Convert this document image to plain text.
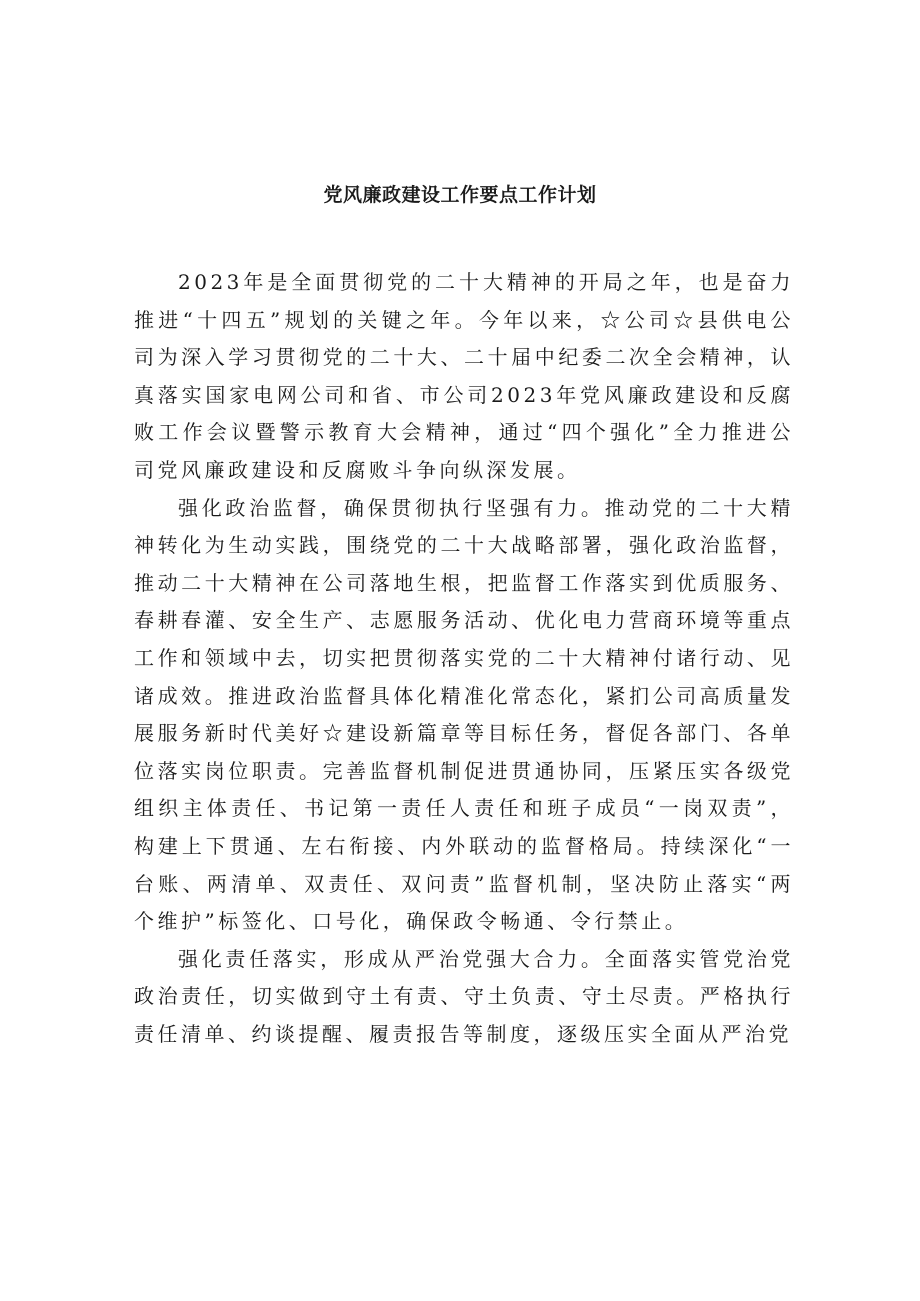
党风廉政建设工作要点工作计划

2023年是全面贯彻党的二十大精神的开局之年，也是奋力推进“十四五”规划的关键之年。今年以来，☆公司☆县供电公司为深入学习贯彻党的二十大、二十届中纪委二次全会精神，认真落实国家电网公司和省、市公司2023年党风廉政建设和反腐败工作会议暨警示教育大会精神，通过“四个强化”全力推进公司党风廉政建设和反腐败斗争向纵深发展。

强化政治监督，确保贯彻执行坚强有力。推动党的二十大精神转化为生动实践，围绕党的二十大战略部署，强化政治监督，推动二十大精神在公司落地生根，把监督工作落实到优质服务、春耕春灌、安全生产、志愿服务活动、优化电力营商环境等重点工作和领域中去，切实把贯彻落实党的二十大精神付诸行动、见诸成效。推进政治监督具体化精准化常态化，紧扪公司高质量发展服务新时代美好☆建设新篇章等目标任务，督促各部门、各单位落实岗位职责。完善监督机制促进贯通协同，压紧压实各级党组织主体责任、书记第一责任人责任和班子成员“一岗双责”，构建上下贯通、左右衔接、内外联动的监督格局。持续深化“一台账、两清单、双责任、双问责”监督机制，坚决防止落实“两个维护”标签化、口号化，确保政令畅通、令行禁止。

强化责任落实，形成从严治党强大合力。全面落实管党治党政治责任，切实做到守土有责、守土负责、守土尽责。严格执行责任清单、约谈提醒、履责报告等制度，逐级压实全面从严治党
